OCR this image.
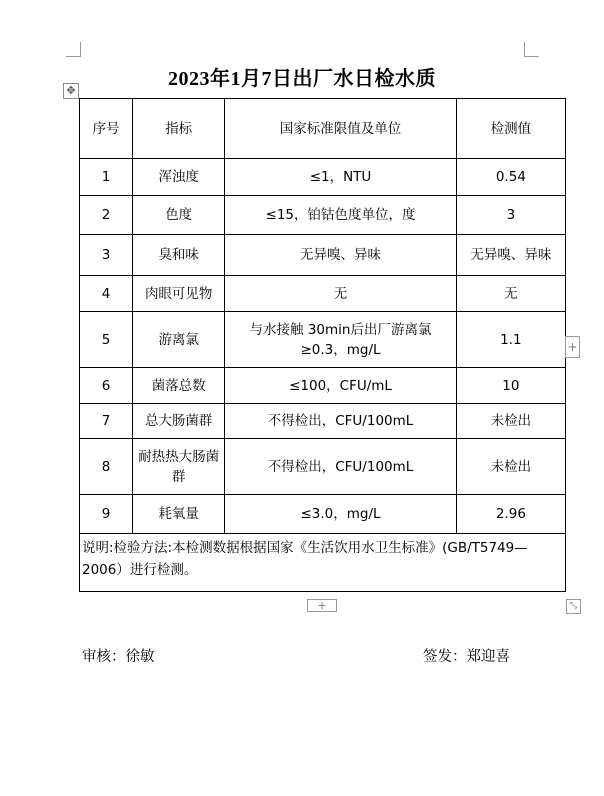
2023年1月7日出厂水日检水质
✥
序号	指标	国家标准限值及单位	检测值
1	浑浊度	≤1，NTU	0.54
2	色度	≤15，铂钴色度单位，度	3
3	臭和味	无异嗅、异味	无异嗅、异味
4	肉眼可见物	无	无
5	游离氯	与水接触 30min后出厂游离氯≥0.3，mg/L	1.1
6	菌落总数	≤100，CFU/mL	10
7	总大肠菌群	不得检出，CFU/100mL	未检出
8	耐热热大肠菌群	不得检出，CFU/100mL	未检出
9	耗氧量	≤3.0，mg/L	2.96
说明:检验方法:本检测数据根据国家《生活饮用水卫生标准》(GB/T5749—2006）进行检测。			
+
+	⤡
审核：徐敏	签发：郑迎喜
